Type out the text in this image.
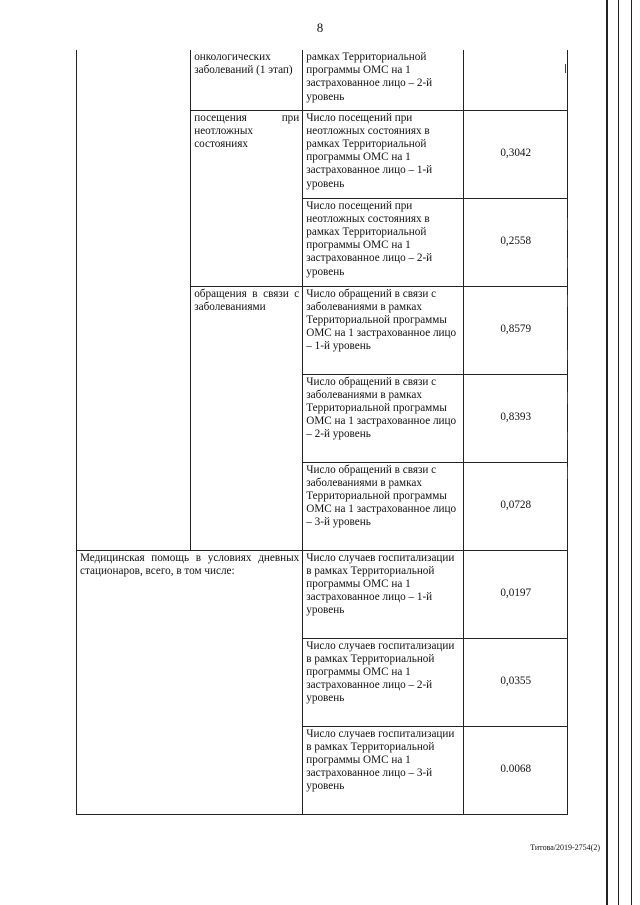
8
	онкологических заболеваний (1 этап)	рамках Территориальной программы ОМС на 1 застрахованное лицо – 2-й уровень	
	посещения при неотложных состояниях	Число посещений при неотложных состояниях в рамках Территориальной программы ОМС на 1 застрахованное лицо – 1-й уровень	0,3042
		Число посещений при неотложных состояниях в рамках Территориальной программы ОМС на 1 застрахованное лицо – 2-й уровень	0,2558
	обращения в связи с заболеваниями	Число обращений в связи с заболеваниями в рамках Территориальной программы ОМС на 1 застрахованное лицо – 1-й уровень	0,8579
		Число обращений в связи с заболеваниями в рамках Территориальной программы ОМС на 1 застрахованное лицо – 2-й уровень	0,8393
		Число обращений в связи с заболеваниями в рамках Территориальной программы ОМС на 1 застрахованное лицо – 3-й уровень	0,0728
Медицинская помощь в условиях дневных стационаров, всего, в том числе:		Число случаев госпитализации в рамках Территориальной программы ОМС на 1 застрахованное лицо – 1-й уровень	0,0197
		Число случаев госпитализации в рамках Территориальной программы ОМС на 1 застрахованное лицо – 2-й уровень	0,0355
		Число случаев госпитализации в рамках Территориальной программы ОМС на 1 застрахованное лицо – 3-й уровень	0.0068
Титова/2019-2754(2)
